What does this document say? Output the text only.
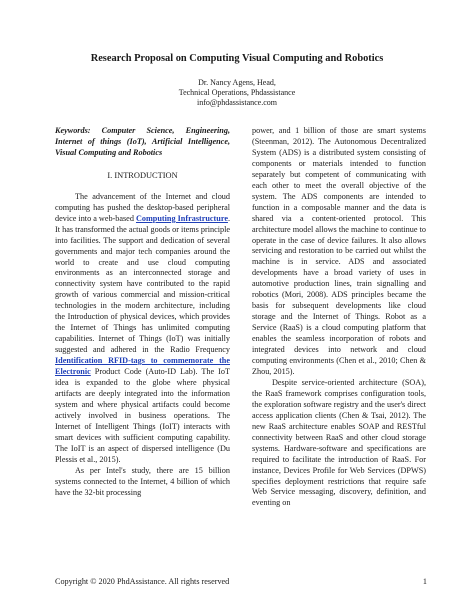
Research Proposal on Computing Visual Computing and Robotics
Dr. Nancy Agens, Head,
Technical Operations, Phdassistance
info@phdassistance.com

Keywords: Computer Science, Engineering, Internet of things (IoT), Artificial Intelligence, Visual Computing and Robotics

I. INTRODUCTION

The advancement of the Internet and cloud computing has pushed the desktop-based peripheral device into a web-based Computing Infrastructure. It has transformed the actual goods or items principle into facilities. The support and dedication of several governments and major tech companies around the world to create and use cloud computing environments as an interconnected storage and connectivity system have contributed to the rapid growth of various commercial and mission-critical technologies in the modern architecture, including the Introduction of physical devices, which provides the Internet of Things has unlimited computing capabilities. Internet of Things (IoT) was initially suggested and adhered in the Radio Frequency Identification RFID-tags to commemorate the Electronic Product Code (Auto-ID Lab). The IoT idea is expanded to the globe where physical artifacts are deeply integrated into the information system and where physical artifacts could become actively involved in business operations. The Internet of Intelligent Things (IoIT) interacts with smart devices with sufficient computing capability. The IoIT is an aspect of dispersed intelligence (Du Plessis et al., 2015).

As per Intel's study, there are 15 billion systems connected to the Internet, 4 billion of which have the 32-bit processing

power, and 1 billion of those are smart systems (Steenman, 2012). The Autonomous Decentralized System (ADS) is a distributed system consisting of components or materials intended to function separately but competent of communicating with each other to meet the overall objective of the system. The ADS components are intended to function in a composable manner and the data is shared via a content-oriented protocol. This architecture model allows the machine to continue to operate in the case of device failures. It also allows servicing and restoration to be carried out whilst the machine is in service. ADS and associated developments have a broad variety of uses in automotive production lines, train signalling and robotics (Mori, 2008). ADS principles became the basis for subsequent developments like cloud storage and the Internet of Things. Robot as a Service (RaaS) is a cloud computing platform that enables the seamless incorporation of robots and integrated devices into network and cloud computing environments (Chen et al., 2010; Chen & Zhou, 2015).

Despite service-oriented architecture (SOA), the RaaS framework comprises configuration tools, the exploration software registry and the user's direct access application clients (Chen & Tsai, 2012). The new RaaS architecture enables SOAP and RESTful connectivity between RaaS and other cloud storage systems. Hardware-software and specifications are required to facilitate the introduction of RaaS. For instance, Devices Profile for Web Services (DPWS) specifies deployment restrictions that require safe Web Service messaging, discovery, definition, and eventing on

Copyright © 2020 PhdAssistance. All rights reserved	1
